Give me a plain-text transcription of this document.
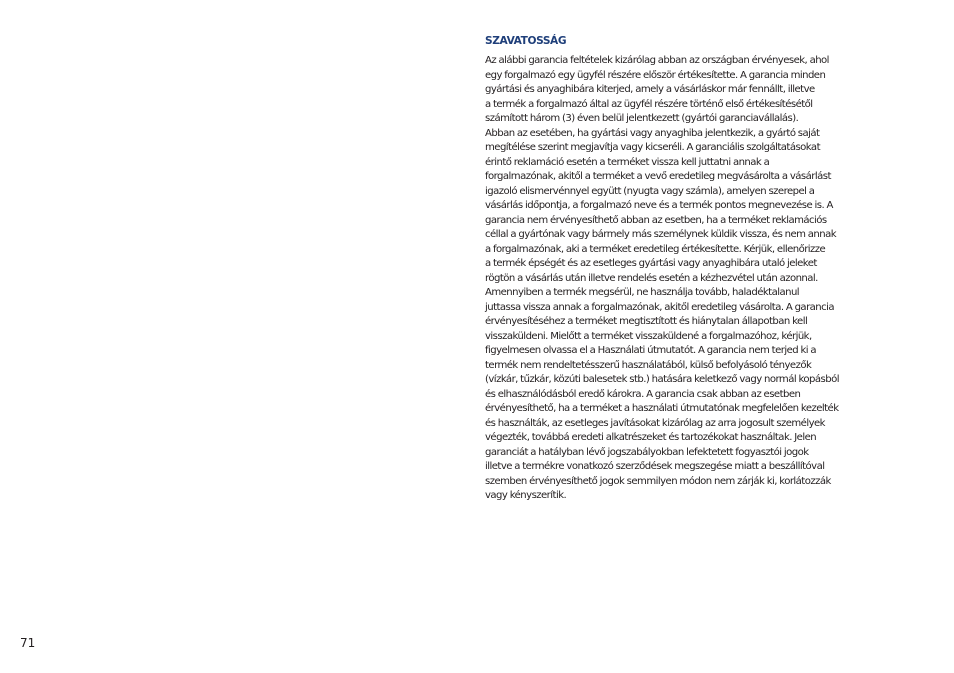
SZAVATOSSÁG

Az alábbi garancia feltételek kizárólag abban az országban érvényesek, ahol
egy forgalmazó egy ügyfél részére először értékesítette. A garancia minden
gyártási és anyaghibára kiterjed, amely a vásárláskor már fennállt, illetve
a termék a forgalmazó által az ügyfél részére történő első értékesítésétől
számított három (3) éven belül jelentkezett (gyártói garanciavállalás).
Abban az esetében, ha gyártási vagy anyaghiba jelentkezik, a gyártó saját
megítélése szerint megjavítja vagy kicseréli. A garanciális szolgáltatásokat
érintő reklamáció esetén a terméket vissza kell juttatni annak a
forgalmazónak, akitől a terméket a vevő eredetileg megvásárolta a vásárlást
igazoló elismervénnyel együtt (nyugta vagy számla), amelyen szerepel a
vásárlás időpontja, a forgalmazó neve és a termék pontos megnevezése is. A
garancia nem érvényesíthető abban az esetben, ha a terméket reklamációs
céllal a gyártónak vagy bármely más személynek küldik vissza, és nem annak
a forgalmazónak, aki a terméket eredetileg értékesítette. Kérjük, ellenőrizze
a termék épségét és az esetleges gyártási vagy anyaghibára utaló jeleket
rögtön a vásárlás után illetve rendelés esetén a kézhezvétel után azonnal.
Amennyiben a termék megsérül, ne használja tovább, haladéktalanul
juttassa vissza annak a forgalmazónak, akitől eredetileg vásárolta. A garancia
érvényesítéséhez a terméket megtisztított és hiánytalan állapotban kell
visszaküldeni. Mielőtt a terméket visszaküldené a forgalmazóhoz, kérjük,
figyelmesen olvassa el a Használati útmutatót. A garancia nem terjed ki a
termék nem rendeltetésszerű használatából, külső befolyásoló tényezők
(vízkár, tűzkár, közúti balesetek stb.) hatására keletkező vagy normál kopásból
és elhasználódásból eredő károkra. A garancia csak abban az esetben
érvényesíthető, ha a terméket a használati útmutatónak megfelelően kezelték
és használták, az esetleges javításokat kizárólag az arra jogosult személyek
végezték, továbbá eredeti alkatrészeket és tartozékokat használtak. Jelen
garanciát a hatályban lévő jogszabályokban lefektetett fogyasztói jogok
illetve a termékre vonatkozó szerződések megszegése miatt a beszállítóval
szemben érvényesíthető jogok semmilyen módon nem zárják ki, korlátozzák
vagy kényszerítik.

71
